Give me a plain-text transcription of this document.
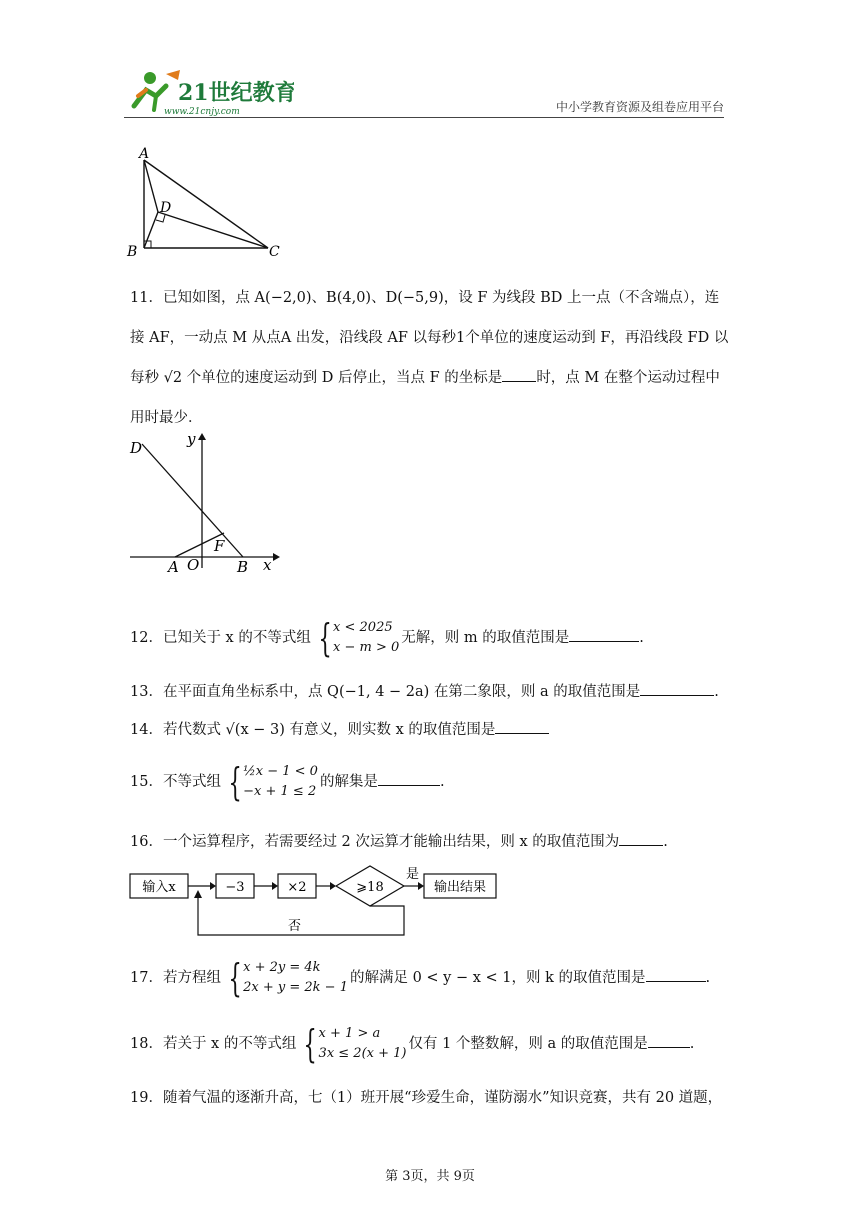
21世纪教育
www.21cnjy.com	中小学教育资源及组卷应用平台
A
B	C
D

11．已知如图，点 A(−2,0)、B(4,0)、D(−5,9)，设 F 为线段 BD 上一点（不含端点），连

接 AF，一动点 M 从点A 出发，沿线段 AF 以每秒1个单位的速度运动到 F，再沿线段 FD 以

每秒 √2 个单位的速度运动到 D 后停止，当点 F 的坐标是 时，点 M 在整个运动过程中

用时最少．

D	y
F
A O	B x
12．已知关于 x 的不等式组 { x < 2025
x − m > 0
无解，则 m 的取值范围是	.
13．在平面直角坐标系中，点 Q(−1, 4 − 2a) 在第二象限，则 a 的取值范围是	.
14．若代数式 √(x − 3) 有意义，则实数 x 的取值范围是
15．不等式组 { ½x − 1 < 0
−x + 1 ≤ 2
的解集是	.
16．一个运算程序，若需要经过 2 次运算才能输出结果，则 x 的取值范围为	.
输入x	−3	×2	⩾18
是
输出结果
否
17．若方程组 { x + 2y = 4k
2x + y = 2k − 1
的解满足 0 < y − x < 1，则 k 的取值范围是	.
18．若关于 x 的不等式组 { x + 1 > a
3x ≤ 2(x + 1)
仅有 1 个整数解，则 a 的取值范围是	.
19．随着气温的逐渐升高，七（1）班开展“珍爱生命，谨防溺水”知识竞赛，共有 20 道题，
第 3页，共 9页
